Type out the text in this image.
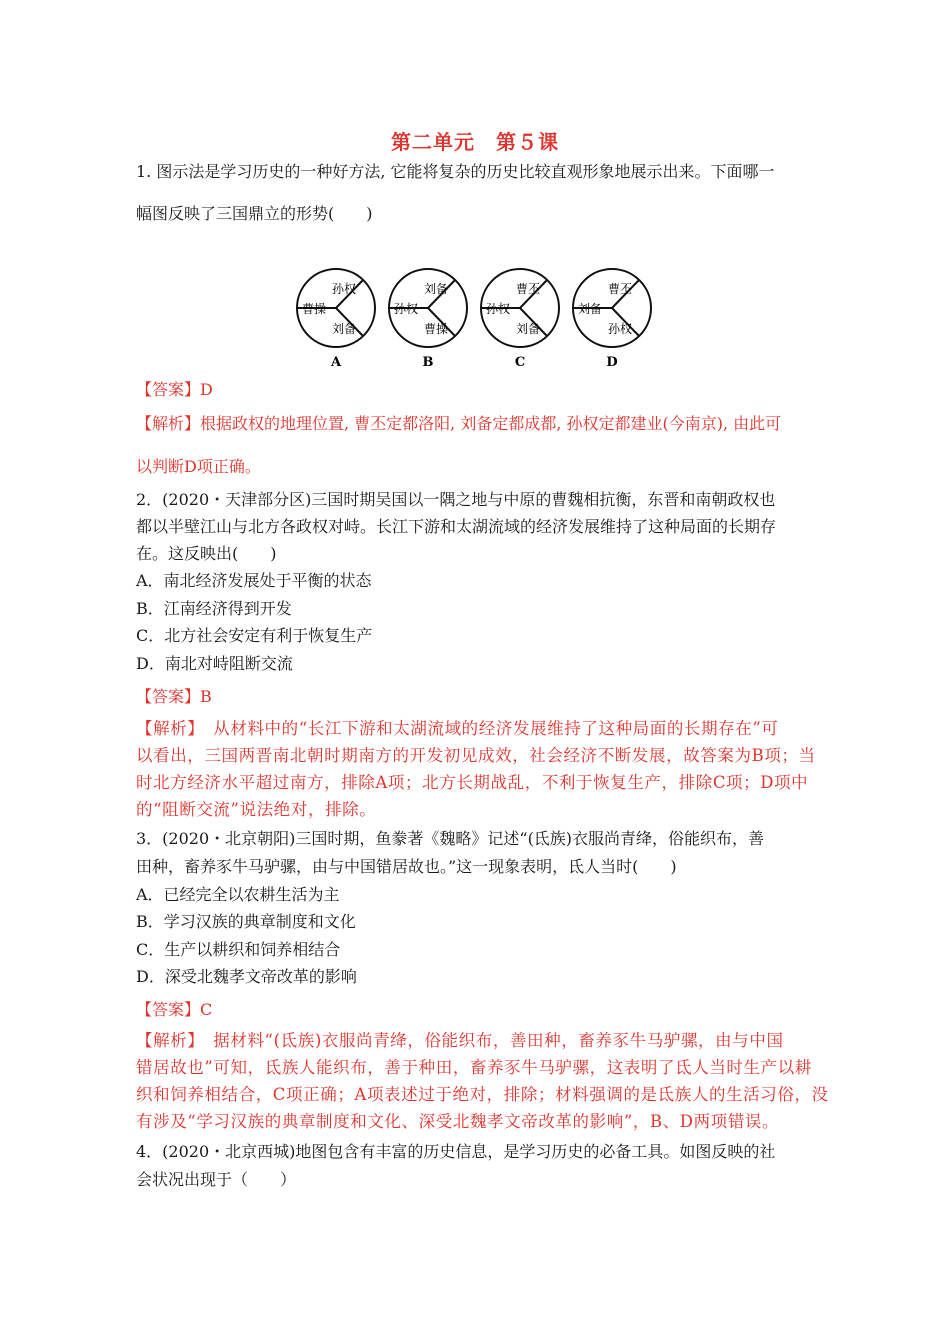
第二单元　第５课
1. 图示法是学习历史的一种好方法, 它能将复杂的历史比较直观形象地展示出来。下面哪一
幅图反映了三国鼎立的形势(　　)
孙权
曹操
刘备
A
刘备
孙权
曹操
B
曹丕
孙权
刘备
C
曹丕
刘备
孙权
D
【答案】D
【解析】根据政权的地理位置, 曹丕定都洛阳, 刘备定都成都, 孙权定都建业(今南京), 由此可
以判断D项正确。
2．(2020・天津部分区)三国时期吴国以一隅之地与中原的曹魏相抗衡，东晋和南朝政权也
都以半壁江山与北方各政权对峙。长江下游和太湖流域的经济发展维持了这种局面的长期存
在。这反映出(　　)
A．南北经济发展处于平衡的状态
B．江南经济得到开发
C．北方社会安定有利于恢复生产
D．南北对峙阻断交流
【答案】B
【解析】　从材料中的“长江下游和太湖流域的经济发展维持了这种局面的长期存在”可
以看出，三国两晋南北朝时期南方的开发初见成效，社会经济不断发展，故答案为B项；当
时北方经济水平超过南方，排除A项；北方长期战乱，不利于恢复生产，排除C项；D项中
的“阻断交流”说法绝对，排除。
3．(2020・北京朝阳)三国时期，鱼豢著《魏略》记述“(氐族)衣服尚青绛，俗能织布，善
田种，畜养豕牛马驴骡，由与中国错居故也。”这一现象表明，氐人当时(　　)
A．已经完全以农耕生活为主
B．学习汉族的典章制度和文化
C．生产以耕织和饲养相结合
D．深受北魏孝文帝改革的影响
【答案】C
【解析】　据材料“(氐族)衣服尚青绛，俗能织布，善田种，畜养豕牛马驴骡，由与中国
错居故也”可知，氐族人能织布，善于种田，畜养豕牛马驴骡，这表明了氐人当时生产以耕
织和饲养相结合，C项正确；A项表述过于绝对，排除；材料强调的是氐族人的生活习俗，没
有涉及“学习汉族的典章制度和文化、深受北魏孝文帝改革的影响”，B、D两项错误。
4．(2020・北京西城)地图包含有丰富的历史信息，是学习历史的必备工具。如图反映的社
会状况出现于（　　）
